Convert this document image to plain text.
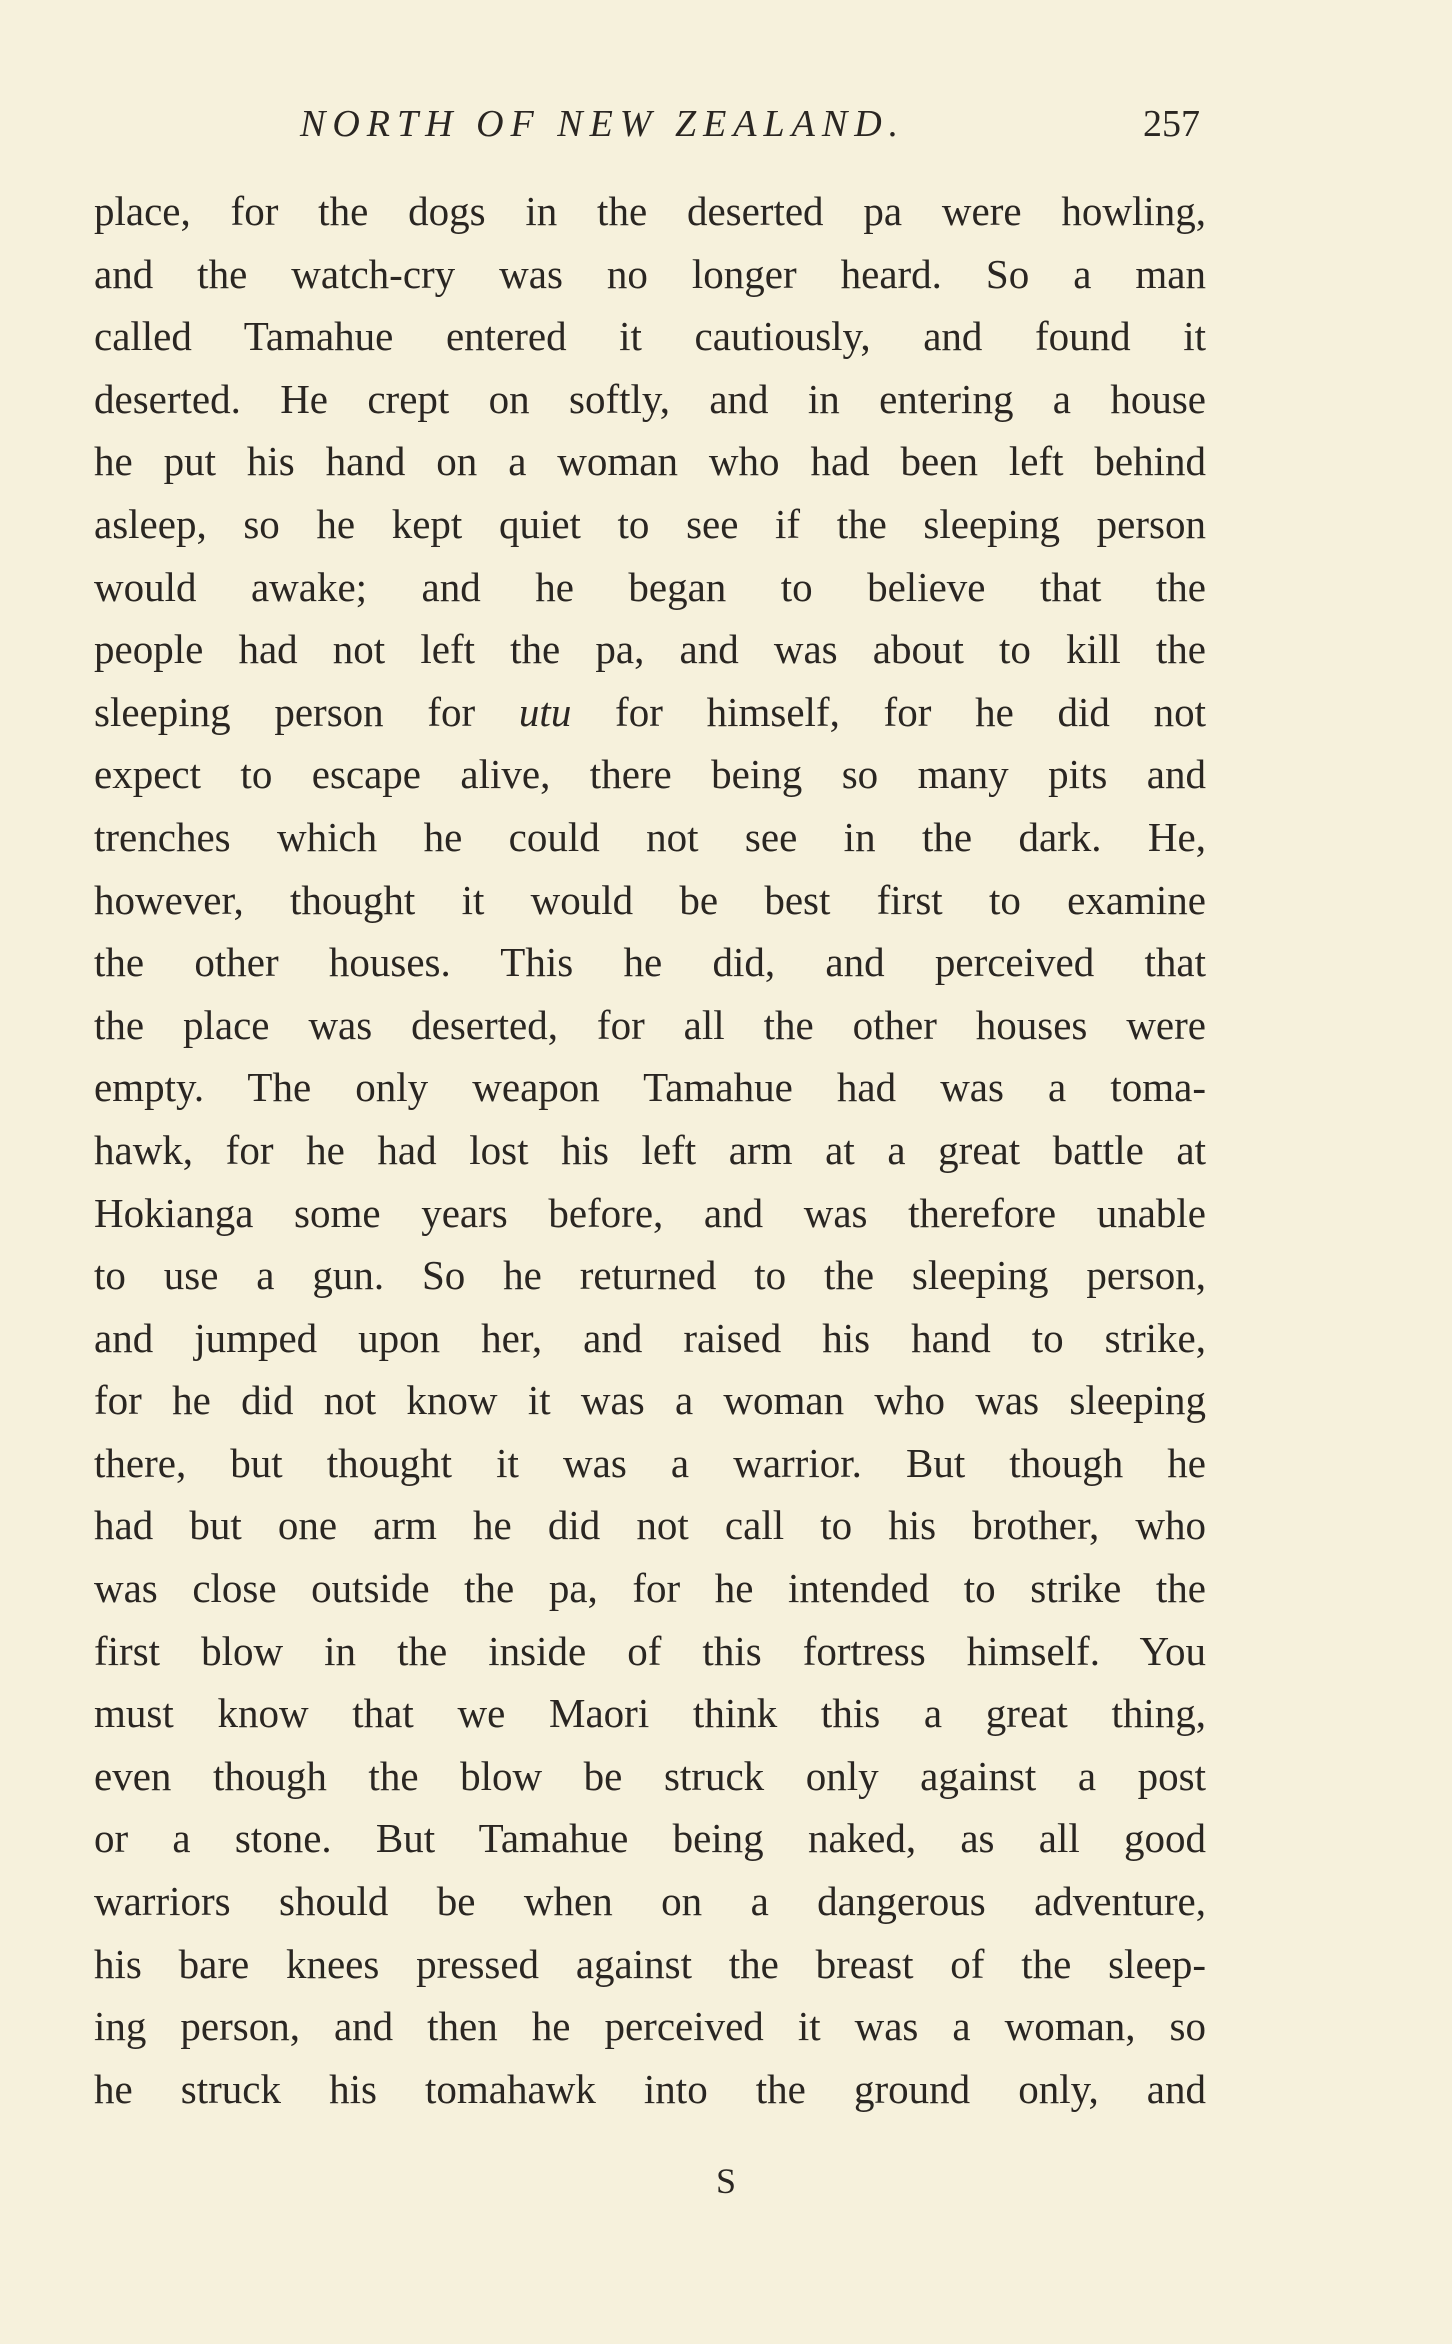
NORTH OF NEW ZEALAND.	257
place, for the dogs in the deserted pa were howling,
and the watch-cry was no longer heard. So a man
called Tamahue entered it cautiously, and found it
deserted. He crept on softly, and in entering a house
he put his hand on a woman who had been left behind
asleep, so he kept quiet to see if the sleeping person
would awake; and he began to believe that the
people had not left the pa, and was about to kill the
sleeping person for utu for himself, for he did not
expect to escape alive, there being so many pits and
trenches which he could not see in the dark. He,
however, thought it would be best first to examine
the other houses. This he did, and perceived that
the place was deserted, for all the other houses were
empty. The only weapon Tamahue had was a toma-
hawk, for he had lost his left arm at a great battle at
Hokianga some years before, and was therefore unable
to use a gun. So he returned to the sleeping person,
and jumped upon her, and raised his hand to strike,
for he did not know it was a woman who was sleeping
there, but thought it was a warrior. But though he
had but one arm he did not call to his brother, who
was close outside the pa, for he intended to strike the
first blow in the inside of this fortress himself. You
must know that we Maori think this a great thing,
even though the blow be struck only against a post
or a stone. But Tamahue being naked, as all good
warriors should be when on a dangerous adventure,
his bare knees pressed against the breast of the sleep-
ing person, and then he perceived it was a woman, so
he struck his tomahawk into the ground only, and
S
